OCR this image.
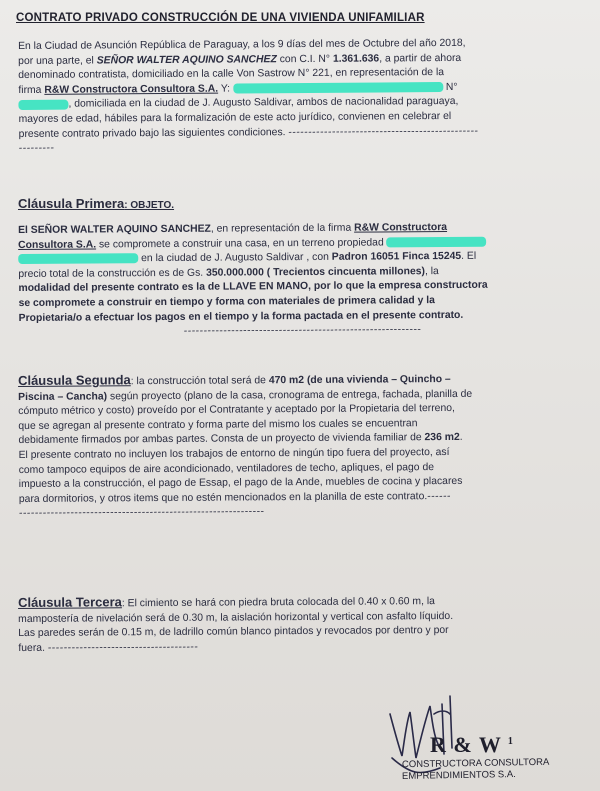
CONTRATO PRIVADO CONSTRUCCIÓN DE UNA VIVIENDA UNIFAMILIAR

En la Ciudad de Asunción República de Paraguay, a los 9 días del mes de Octubre del año 2018,

por una parte, el SEÑOR WALTER AQUINO SANCHEZ con C.I. N° 1.361.636, a partir de ahora

denominado contratista, domiciliado en la calle Von Sastrow N° 221, en representación de la

firma R&W Constructora Consultora S.A. Y:	N°

, domiciliada en la ciudad de J. Augusto Saldivar, ambos de nacionalidad paraguaya,

mayores de edad, hábiles para la formalización de este acto jurídico, convienen en celebrar el

presente contrato privado bajo las siguientes condiciones. ------------------------------------------------

---------

Cláusula Primera: OBJETO.

El SEÑOR WALTER AQUINO SANCHEZ, en representación de la firma R&W Constructora

Consultora S.A. se compromete a construir una casa, en un terreno propiedad

en la ciudad de J. Augusto Saldivar , con Padron 16051 Finca 15245. El

precio total de la construcción es de Gs. 350.000.000 ( Trecientos cincuenta millones), la

modalidad del presente contrato es la de LLAVE EN MANO, por lo que la empresa constructora

se compromete a construir en tiempo y forma con materiales de primera calidad y la

Propietaria/o a efectuar los pagos en el tiempo y la forma pactada en el presente contrato.

------------------------------------------------------------

Cláusula Segunda: la construcción total será de 470 m2 (de una vivienda – Quincho –

Piscina – Cancha) según proyecto (plano de la casa, cronograma de entrega, fachada, planilla de

cómputo métrico y costo) proveído por el Contratante y aceptado por la Propietaria del terreno,

que se agregan al presente contrato y forma parte del mismo los cuales se encuentran

debidamente firmados por ambas partes. Consta de un proyecto de vivienda familiar de 236 m2.

El presente contrato no incluyen los trabajos de entorno de ningún tipo fuera del proyecto, así

como tampoco equipos de aire acondicionado, ventiladores de techo, apliques, el pago de

impuesto a la construcción, el pago de Essap, el pago de la Ande, muebles de cocina y placares

para dormitorios, y otros items que no estén mencionados en la planilla de este contrato.------

--------------------------------------------------------------

Cláusula Tercera: El cimiento se hará con piedra bruta colocada del 0.40 x 0.60 m, la

mampostería de nivelación será de 0.30 m, la aislación horizontal y vertical con asfalto líquido.

Las paredes serán de 0.15 m, de ladrillo común blanco pintados y revocados por dentro y por

fuera. --------------------------------------

R & W $^1$
CONSTRUCTORA CONSULTORA
EMPRENDIMIENTOS S.A.
